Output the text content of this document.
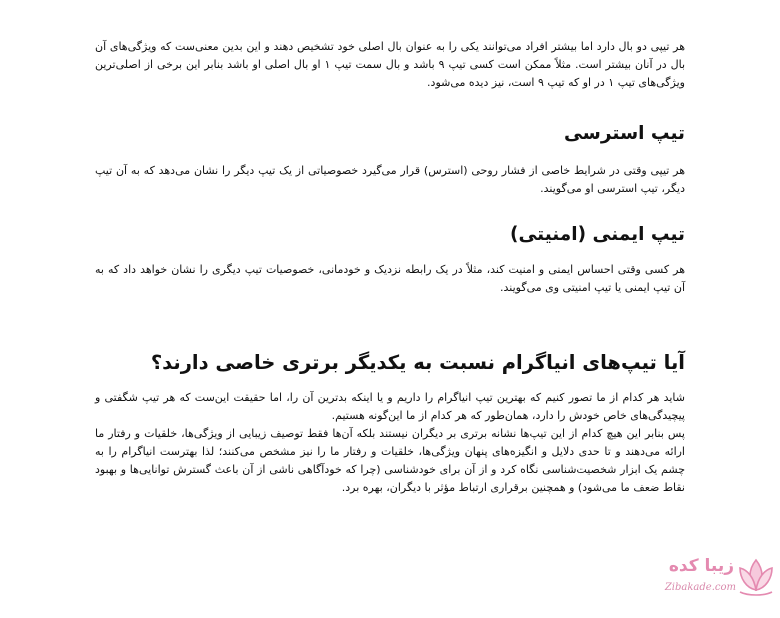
هر تیپی دو بال دارد اما بیشتر افراد می‌توانند یکی را به عنوان بال اصلی خود تشخیص دهند و این بدین معنی‌ست که ویژگی‌های آن بال در آنان بیشتر است. مثلاً ممکن است کسی تیپ ۹ باشد و بال سمت تیپ ۱ او بال اصلی او باشد بنابر این برخی از اصلی‌ترین ویژگی‌های تیپ ۱ در او که تیپ ۹ است، نیز دیده می‌شود.

تیپ استرسی

هر تیپی وقتی در شرایط خاصی از فشار روحی (استرس) قرار می‌گیرد خصوصیاتی از یک تیپ دیگر را نشان می‌دهد که به آن تیپ دیگر، تیپ استرسی او می‌گویند.

تیپ ایمنی (امنیتی)

هر کسی وقتی احساس ایمنی و امنیت کند، مثلاً در یک رابطه نزدیک و خودمانی، خصوصیات تیپ دیگری را نشان خواهد داد که به آن تیپ ایمنی یا تیپ امنیتی وی می‌گویند.

آیا تیپ‌های انیاگرام نسبت به یکدیگر برتری خاصی دارند؟

شاید هر کدام از ما تصور کنیم که بهترین تیپ انیاگرام را داریم و یا اینکه بدترین آن را، اما حقیقت این‌ست که هر تیپ شگفتی و پیچیدگی‌های خاص خودش را دارد، همان‌طور که هر کدام از ما این‌گونه هستیم.

پس بنابر این هیچ کدام از این تیپ‌ها نشانه برتری بر دیگران نیستند بلکه آن‌ها فقط توصیف زیبایی از ویژگی‌ها، خلقیات و رفتار ما ارائه می‌دهند و تا حدی دلایل و انگیزه‌های پنهان ویژگی‌ها، خلقیات و رفتار ما را نیز مشخص می‌کنند؛ لذا بهترست انیاگرام را به چشم یک ابزار شخصیت‌شناسی نگاه کرد و از آن برای خودشناسی (چرا که خودآگاهی ناشی از آن باعث گسترش توانایی‌ها و بهبود نقاط ضعف ما می‌شود) و همچنین برقراری ارتباط مؤثر با دیگران، بهره برد.

زیبا کده
Zibakade.com
